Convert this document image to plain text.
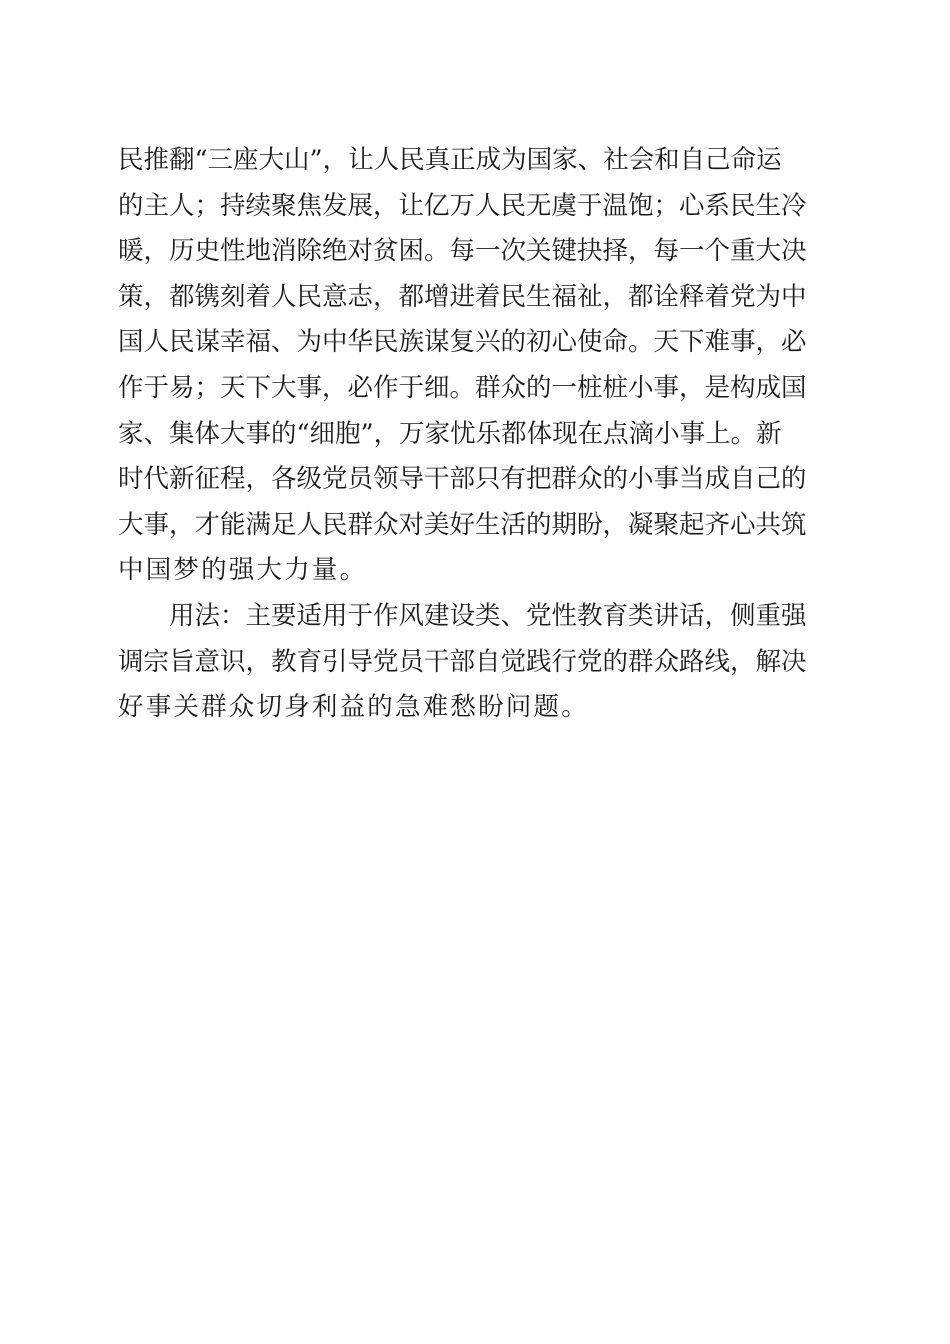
民推翻“三座大山”，让人民真正成为国家、社会和自己命运
的主人；持续聚焦发展，让亿万人民无虞于温饱；心系民生冷
暖，历史性地消除绝对贫困。每一次关键抉择，每一个重大决
策，都镌刻着人民意志，都增进着民生福祉，都诠释着党为中
国人民谋幸福、为中华民族谋复兴的初心使命。天下难事，必
作于易；天下大事，必作于细。群众的一桩桩小事，是构成国
家、集体大事的“细胞”，万家忧乐都体现在点滴小事上。新
时代新征程，各级党员领导干部只有把群众的小事当成自己的
大事，才能满足人民群众对美好生活的期盼，凝聚起齐心共筑
中国梦的强大力量。
用法：主要适用于作风建设类、党性教育类讲话，侧重强
调宗旨意识，教育引导党员干部自觉践行党的群众路线，解决
好事关群众切身利益的急难愁盼问题。
